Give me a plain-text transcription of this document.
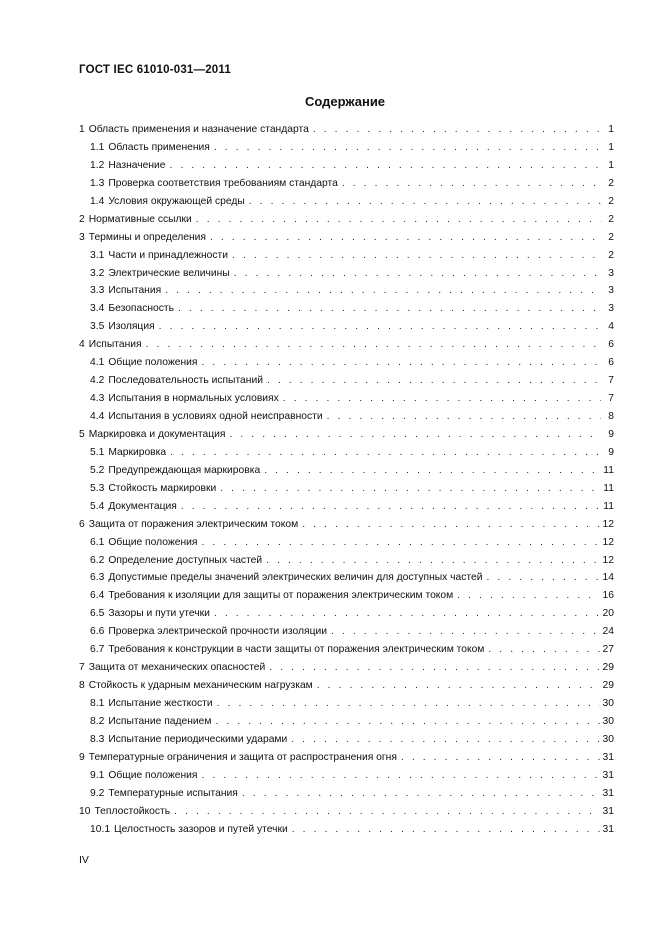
ГОСТ IEC 61010-031—2011
Содержание
1 Область применения и назначение стандарта . . .	1
1.1 Область применения . . .	1
1.2 Назначение . . .	1
1.3 Проверка соответствия требованиям стандарта . . .	2
1.4 Условия окружающей среды . . .	2
2 Нормативные ссылки . . .	2
3 Термины и определения . . .	2
3.1 Части и принадлежности . . .	2
3.2 Электрические величины . . .	3
3.3 Испытания . . .	3
3.4 Безопасность . . .	3
3.5 Изоляция . . .	4
4 Испытания . . .	6
4.1 Общие положения . . .	6
4.2 Последовательность испытаний . . .	7
4.3 Испытания в нормальных условиях . . .	7
4.4 Испытания в условиях одной неисправности . . .	8
5 Маркировка и документация . . .	9
5.1 Маркировка . . .	9
5.2 Предупреждающая маркировка . . .	11
5.3 Стойкость маркировки . . .	11
5.4 Документация . . .	11
6 Защита от поражения электрическим током . . .	12
6.1 Общие положения . . .	12
6.2 Определение доступных частей . . .	12
6.3 Допустимые пределы значений электрических величин для доступных частей . . .	14
6.4 Требования к изоляции для защиты от поражения электрическим током . . .	16
6.5 Зазоры и пути утечки . . .	20
6.6 Проверка электрической прочности изоляции . . .	24
6.7 Требования к конструкции в части защиты от поражения электрическим током . . .	27
7 Защита от механических опасностей . . .	29
8 Стойкость к ударным механическим нагрузкам . . .	29
8.1 Испытание жесткости . . .	30
8.2 Испытание падением . . .	30
8.3 Испытание периодическими ударами . . .	30
9 Температурные ограничения и защита от распространения огня . . .	31
9.1 Общие положения . . .	31
9.2 Температурные испытания . . .	31
10 Теплостойкость . . .	31
10.1 Целостность зазоров и путей утечки . . .	31
IV
